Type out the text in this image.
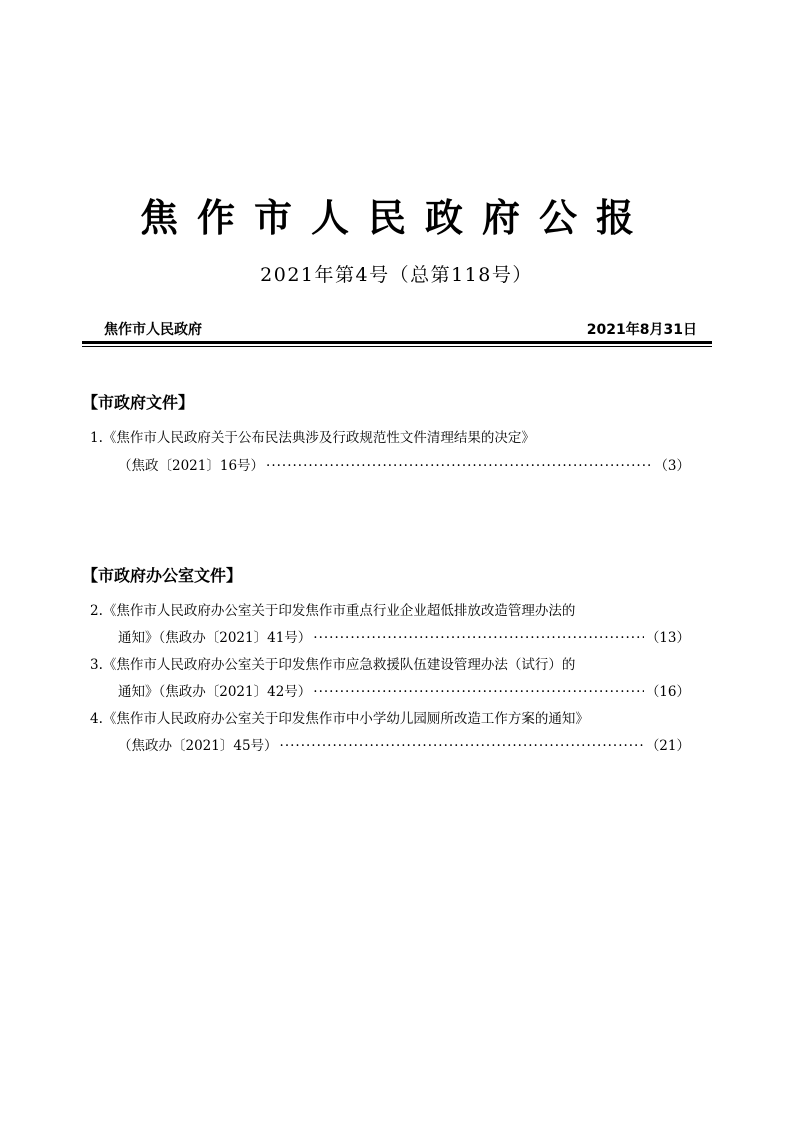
焦作市人民政府公报
2021年第4号（总第118号）
焦作市人民政府	2021年8月31日
【市政府文件】
1.《焦作市人民政府关于公布民法典涉及行政规范性文件清理结果的决定》
（焦政〔2021〕16号） ·····	（3）
【市政府办公室文件】
2.《焦作市人民政府办公室关于印发焦作市重点行业企业超低排放改造管理办法的
通知》（焦政办〔2021〕41号） ·····	（13）
3.《焦作市人民政府办公室关于印发焦作市应急救援队伍建设管理办法（试行）的
通知》（焦政办〔2021〕42号） ·····	（16）
4.《焦作市人民政府办公室关于印发焦作市中小学幼儿园厕所改造工作方案的通知》
（焦政办〔2021〕45号） ·····	（21）
